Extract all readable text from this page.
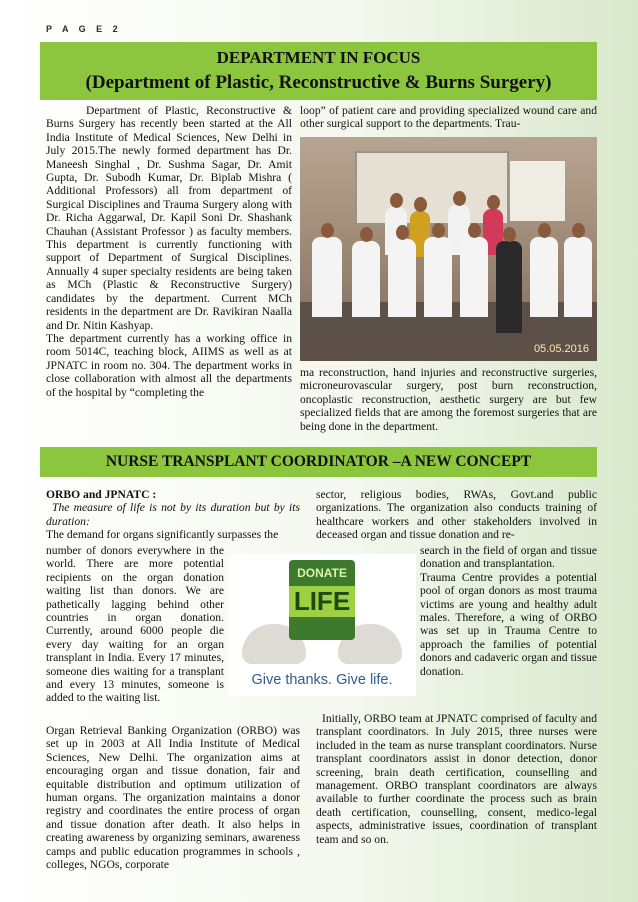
P A G E 2
DEPARTMENT IN FOCUS
(Department of Plastic, Reconstructive & Burns Surgery)

Department of Plastic, Reconstructive & Burns Surgery has recently been started at the All India Institute of Medical Sciences, New Delhi in July 2015.The newly formed department has Dr. Maneesh Singhal , Dr. Sushma Sagar, Dr. Amit Gupta, Dr. Subodh Kumar, Dr. Biplab Mishra ( Additional Professors) all from department of Surgical Disciplines and Trauma Surgery along with Dr. Richa Aggarwal, Dr. Kapil Soni Dr. Shashank Chauhan (Assistant Professor ) as faculty members. This department is currently functioning with support of Department of Surgical Disciplines. Annually 4 super specialty residents are being taken as MCh (Plastic & Reconstructive Surgery) candidates by the department. Current MCh residents in the department are Dr. Ravikiran Naalla and Dr. Nitin Kashyap.

The department currently has a working office in room 5014C, teaching block, AIIMS as well as at JPNATC in room no. 304. The department works in close collaboration with almost all the departments of the hospital by “completing the

loop” of patient care and providing specialized wound care and other surgical support to the departments. Trau-

05.05.2016

ma reconstruction, hand injuries and reconstructive surgeries, microneurovascular surgery, post burn reconstruction, oncoplastic reconstruction, aesthetic surgery are but few specialized fields that are among the foremost surgeries that are being done in the department.

NURSE TRANSPLANT COORDINATOR –A NEW CONCEPT

ORBO and JPNATC :

The measure of life is not by its duration but by its duration:

The demand for organs significantly surpasses the

number of donors everywhere in the world. There are more potential recipients on the organ donation waiting list than donors. We are pathetically lagging behind other countries in organ donation. Currently, around 6000 people die every day waiting for an organ transplant in India. Every 17 minutes, someone dies waiting for a transplant and every 13 minutes, someone is added to the waiting list.

Organ Retrieval Banking Organization (ORBO) was set up in 2003 at All India Institute of Medical Sciences, New Delhi. The organization aims at encouraging organ and tissue donation, fair and equitable distribution and optimum utilization of human organs. The organization maintains a donor registry and coordinates the entire process of organ and tissue donation after death. It also helps in creating awareness by organizing seminars, awareness camps and public education programmes in schools , colleges, NGOs, corporate

DONATE
LIFE
Give thanks. Give life.

sector, religious bodies, RWAs, Govt.and public organizations. The organization also conducts training of healthcare workers and other stakeholders involved in deceased organ and tissue donation and re-

search in the field of organ and tissue donation and transplantation.

Trauma Centre provides a potential pool of organ donors as most trauma victims are young and healthy adult males. Therefore, a wing of ORBO was set up in Trauma Centre to approach the families of potential donors and cadaveric organ and tissue donation.

Initially, ORBO team at JPNATC comprised of faculty and transplant coordinators. In July 2015, three nurses were included in the team as nurse transplant coordinators. Nurse transplant coordinators assist in donor detection, donor screening, brain death certification, counselling and management. ORBO transplant coordinators are always available to further coordinate the process such as brain death certification, counselling, consent, medico-legal aspects, administrative issues, coordination of transplant team and so on.
